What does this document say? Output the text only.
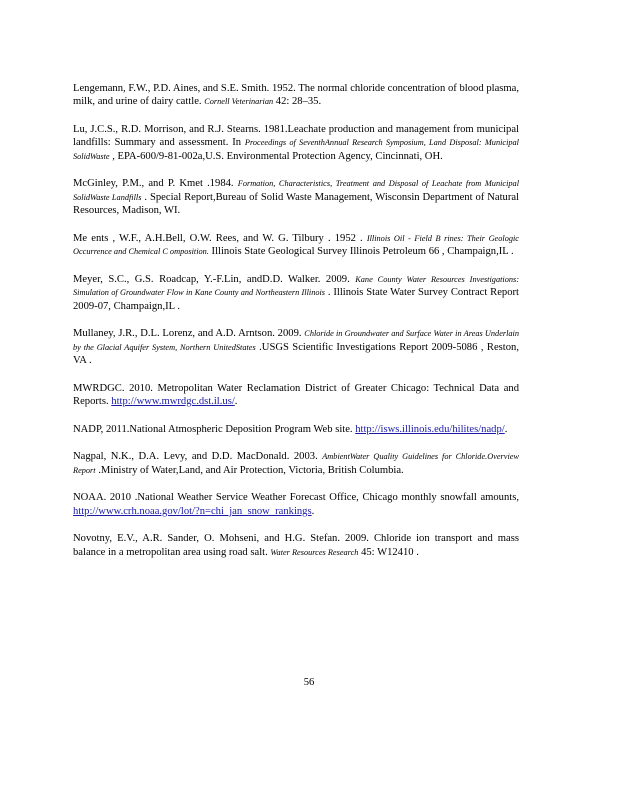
Lengemann, F.W., P.D. Aines, and S.E. Smith. 1952. The normal chloride concentration of blood plasma, milk, and urine of dairy cattle. Cornell Veterinarian 42: 28–35.

Lu, J.C.S., R.D. Morrison, and R.J. Stearns. 1981.Leachate production and management from municipal landfills: Summary and assessment. In Proceedings of SeventhAnnual Research Symposium, Land Disposal: Municipal SolidWaste , EPA-600/9-81-002a,U.S. Environmental Protection Agency, Cincinnati, OH.

McGinley, P.M., and P. Kmet .1984. Formation, Characteristics, Treatment and Disposal of Leachate from Municipal SolidWaste Landfills . Special Report,Bureau of Solid Waste Management, Wisconsin Department of Natural Resources, Madison, WI.

Me ents , W.F., A.H.Bell, O.W. Rees, and W. G. Tilbury . 1952 . Illinois Oil - Field B rines: Their Geologic Occurrence and Chemical C omposition. Illinois State Geological Survey Illinois Petroleum 66 , Champaign,IL .

Meyer, S.C., G.S. Roadcap, Y.-F.Lin, andD.D. Walker. 2009. Kane County Water Resources Investigations: Simulation of Groundwater Flow in Kane County and Northeastern Illinois . Illinois State Water Survey Contract Report 2009-07, Champaign,IL .

Mullaney, J.R., D.L. Lorenz, and A.D. Arntson. 2009. Chloride in Groundwater and Surface Water in Areas Underlain by the Glacial Aquifer System, Northern UnitedStates .USGS Scientific Investigations Report 2009-5086 , Reston, VA .

MWRDGC. 2010. Metropolitan Water Reclamation District of Greater Chicago: Technical Data and Reports. http://www.mwrdgc.dst.il.us/.

NADP, 2011.National Atmospheric Deposition Program Web site. http://isws.illinois.edu/hilites/nadp/.

Nagpal, N.K., D.A. Levy, and D.D. MacDonald. 2003. AmbientWater Quality Guidelines for Chloride.Overview Report .Ministry of Water,Land, and Air Protection, Victoria, British Columbia.

NOAA. 2010 .National Weather Service Weather Forecast Office, Chicago monthly snowfall amounts, http://www.crh.noaa.gov/lot/?n=chi_jan_snow_rankings.

Novotny, E.V., A.R. Sander, O. Mohseni, and H.G. Stefan. 2009. Chloride ion transport and mass balance in a metropolitan area using road salt. Water Resources Research 45: W12410 .

56
